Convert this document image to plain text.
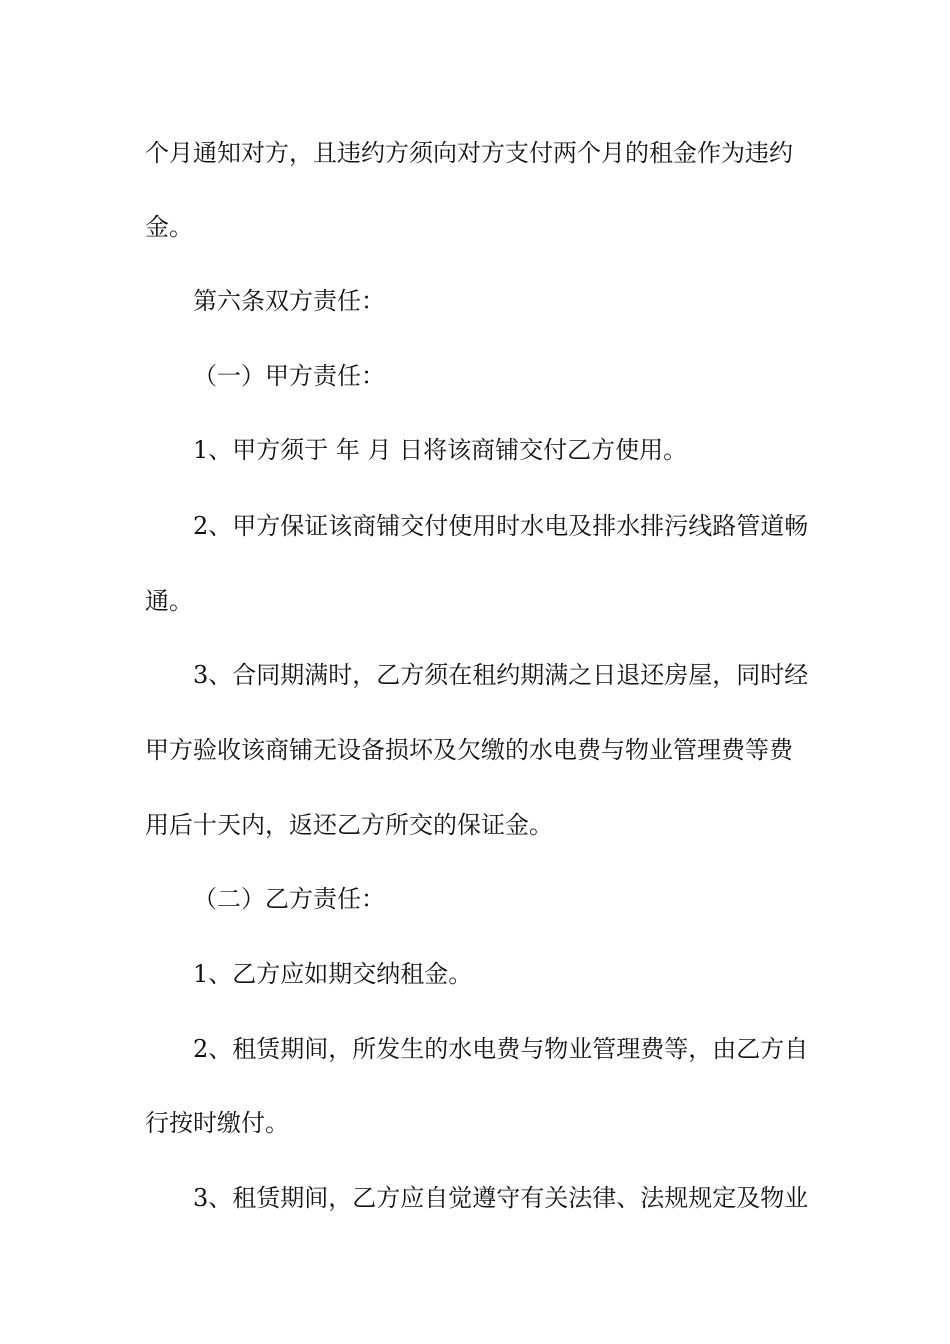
个月通知对方，且违约方须向对方支付两个月的租金作为违约
金。
第六条双方责任：
（一）甲方责任：
1、甲方须于 年 月 日将该商铺交付乙方使用。
2、甲方保证该商铺交付使用时水电及排水排污线路管道畅
通。
3、合同期满时，乙方须在租约期满之日退还房屋，同时经
甲方验收该商铺无设备损坏及欠缴的水电费与物业管理费等费
用后十天内，返还乙方所交的保证金。
（二）乙方责任：
1、乙方应如期交纳租金。
2、租赁期间，所发生的水电费与物业管理费等，由乙方自
行按时缴付。
3、租赁期间，乙方应自觉遵守有关法律、法规规定及物业
